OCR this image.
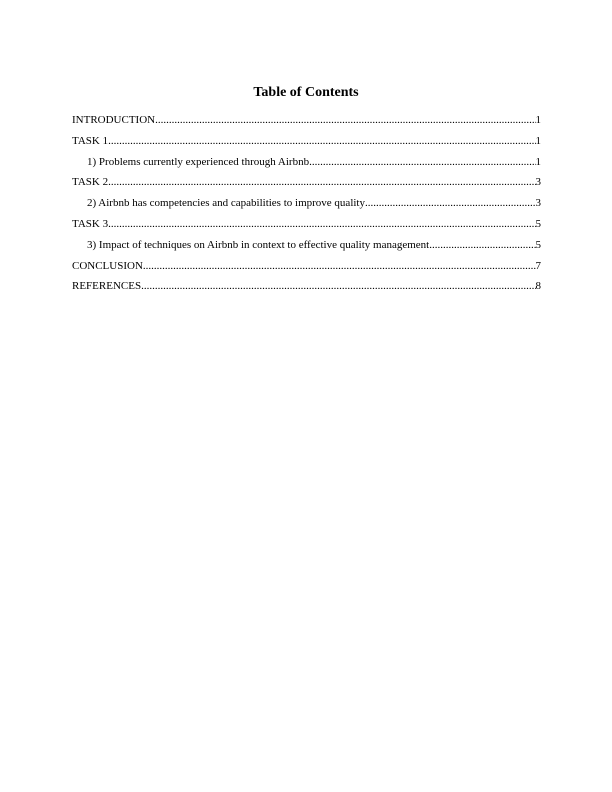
Table of Contents
INTRODUCTION .....	1
TASK 1 .....	1
1) Problems currently experienced through Airbnb .....	1
TASK 2 .....	3
2) Airbnb has competencies and capabilities to improve quality .....	3
TASK 3 .....	5
3) Impact of techniques on Airbnb in context to effective quality management .....	5
CONCLUSION .....	7
REFERENCES .....	8
